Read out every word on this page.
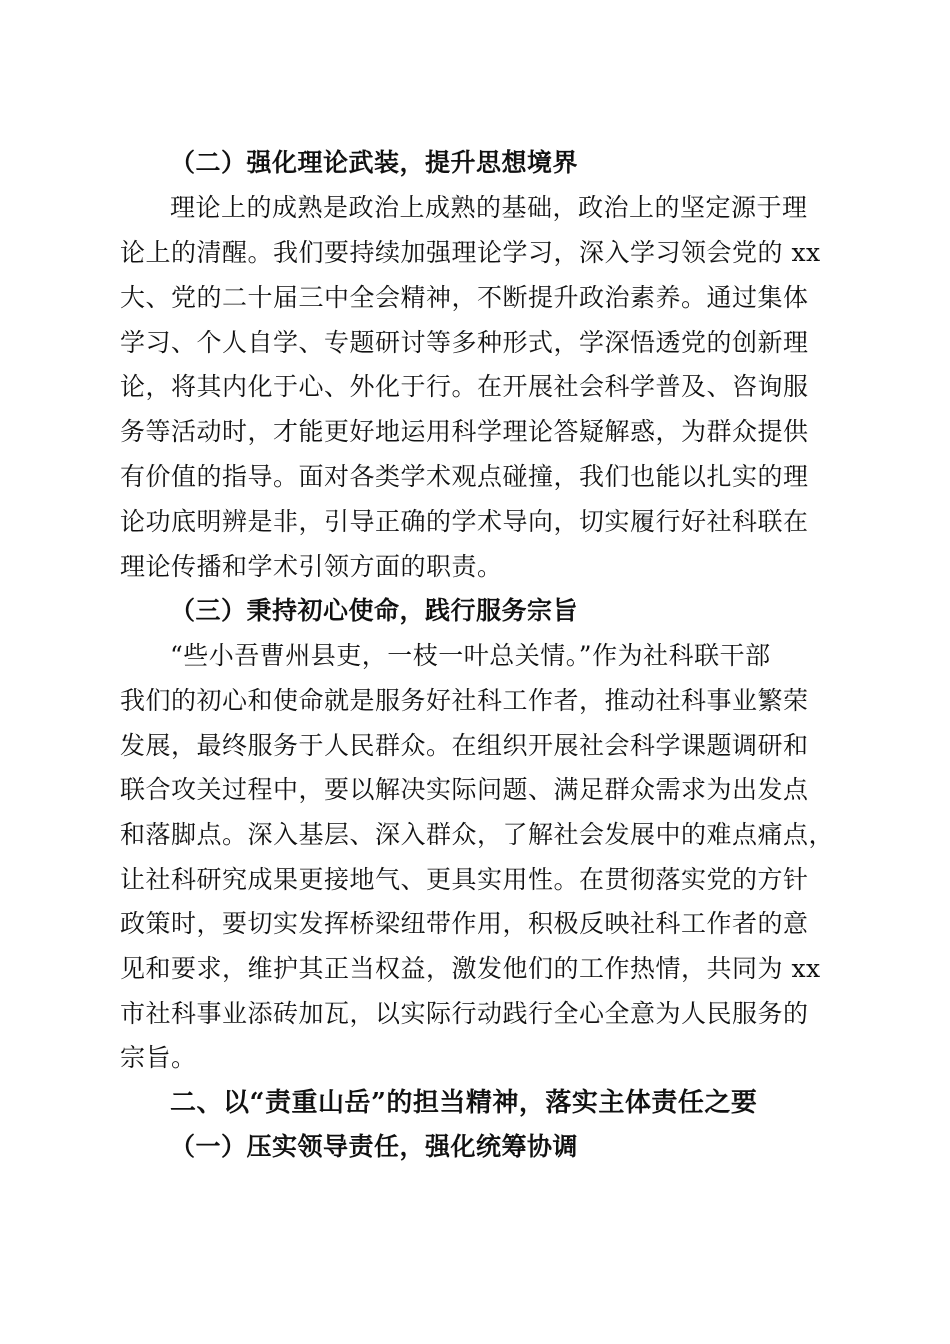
（二）强化理论武装，提升思想境界
理论上的成熟是政治上成熟的基础，政治上的坚定源于理
论上的清醒。我们要持续加强理论学习，深入学习领会党的 xx
大、党的二十届三中全会精神，不断提升政治素养。通过集体
学习、个人自学、专题研讨等多种形式，学深悟透党的创新理
论，将其内化于心、外化于行。在开展社会科学普及、咨询服
务等活动时，才能更好地运用科学理论答疑解惑，为群众提供
有价值的指导。面对各类学术观点碰撞，我们也能以扎实的理
论功底明辨是非，引导正确的学术导向，切实履行好社科联在
理论传播和学术引领方面的职责。
（三）秉持初心使命，践行服务宗旨
“些小吾曹州县吏，一枝一叶总关情。”作为社科联干部
我们的初心和使命就是服务好社科工作者，推动社科事业繁荣
发展，最终服务于人民群众。在组织开展社会科学课题调研和
联合攻关过程中，要以解决实际问题、满足群众需求为出发点
和落脚点。深入基层、深入群众，了解社会发展中的难点痛点，
让社科研究成果更接地气、更具实用性。在贯彻落实党的方针
政策时，要切实发挥桥梁纽带作用，积极反映社科工作者的意
见和要求，维护其正当权益，激发他们的工作热情，共同为 xx
市社科事业添砖加瓦，以实际行动践行全心全意为人民服务的
宗旨。
二、以“责重山岳”的担当精神，落实主体责任之要
（一）压实领导责任，强化统筹协调
